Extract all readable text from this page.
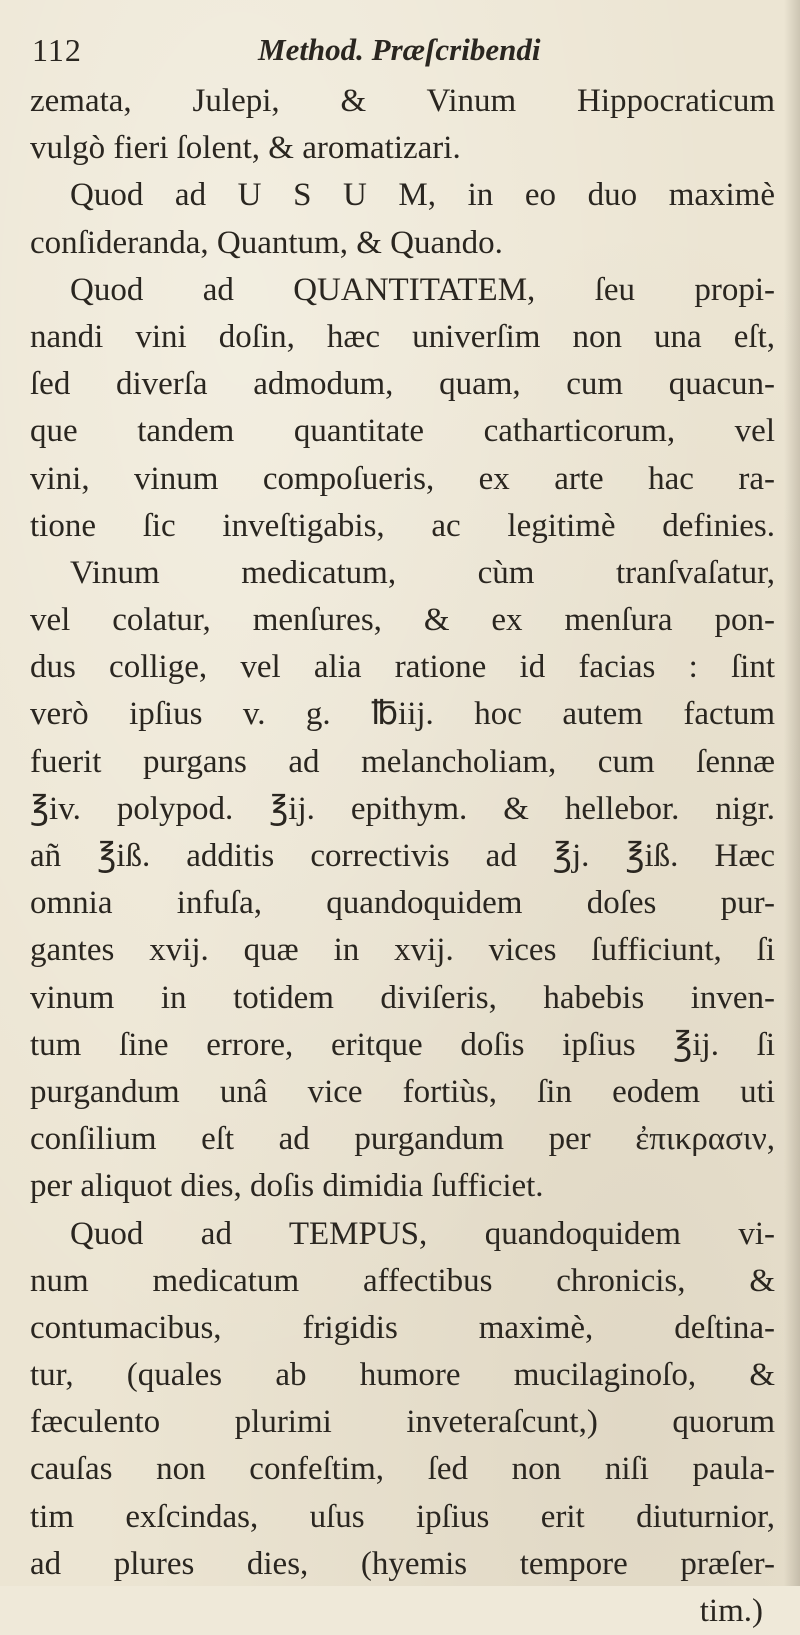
112	Method. Præſcribendi
zemata, Julepi, & Vinum Hippocraticum
vulgò fieri ſolent, & aromatizari.
Quod ad U S U M, in eo duo maximè
conſideranda, Quantum, & Quando.
Quod ad QUANTITATEM, ſeu propi-
nandi vini doſin, hæc univerſim non una eſt,
ſed diverſa admodum, quam, cum quacun-
que tandem quantitate catharticorum, vel
vini, vinum compoſueris, ex arte hac ra-
tione ſic inveſtigabis, ac legitimè definies.
Vinum medicatum, cùm tranſvaſatur,
vel colatur, menſures, & ex menſura pon-
dus collige, vel alia ratione id facias : ſint
verò ipſius v. g. ℔iij. hoc autem factum
fuerit purgans ad melancholiam, cum ſennæ
℥iv. polypod. ℥ij. epithym. & hellebor. nigr.
añ ℥iß. additis correctivis ad ℥j. ℥iß. Hæc
omnia infuſa, quandoquidem doſes pur-
gantes xvij. quæ in xvij. vices ſufficiunt, ſi
vinum in totidem diviſeris, habebis inven-
tum ſine errore, eritque doſis ipſius ℥ij. ſi
purgandum unâ vice fortiùs, ſin eodem uti
conſilium eſt ad purgandum per ἐπικρασιν,
per aliquot dies, doſis dimidia ſufficiet.
Quod ad TEMPUS, quandoquidem vi-
num medicatum affectibus chronicis, &
contumacibus, frigidis maximè, deſtina-
tur, (quales ab humore mucilaginoſo, &
fæculento plurimi inveteraſcunt,) quorum
cauſas non confeſtim, ſed non niſi paula-
tim exſcindas, uſus ipſius erit diuturnior,
ad plures dies, (hyemis tempore præſer-
tim.)
